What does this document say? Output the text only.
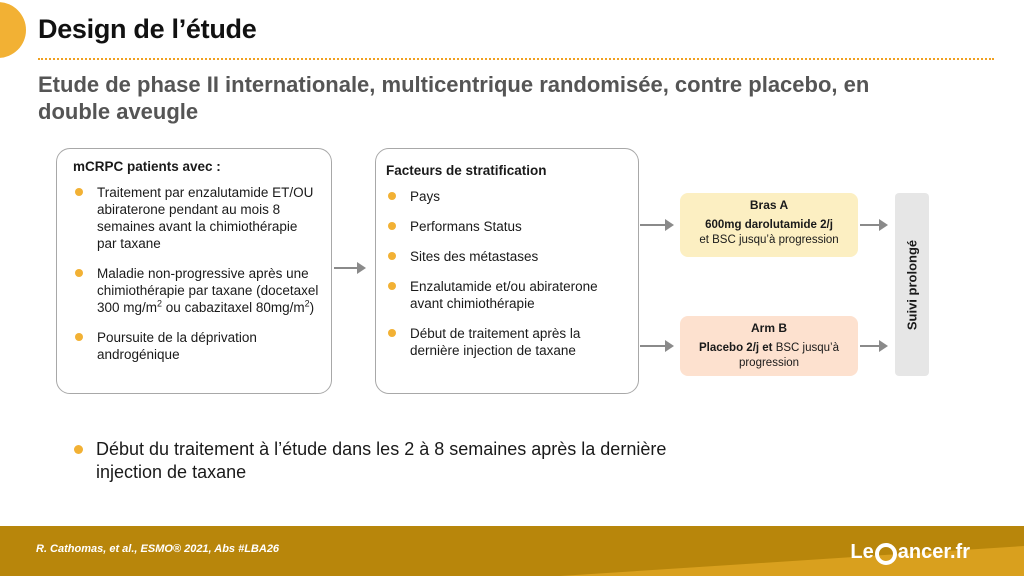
Design de l’étude
Etude de phase II internationale, multicentrique randomisée, contre placebo, en double aveugle
mCRPC patients avec :
Traitement par enzalutamide ET/OU abiraterone pendant au mois 8 semaines avant la chimiothérapie par taxane
Maladie non-progressive après une chimiothérapie par taxane (docetaxel 300 $mg/m^2$ ou cabazitaxel $80mg/m^2$)
Poursuite de la déprivation androgénique
Facteurs de stratification
Pays
Performans Status
Sites des métastases
Enzalutamide et/ou abiraterone avant chimiothérapie
Début de traitement après la dernière injection de taxane
Bras A
600mg darolutamide 2/j
et BSC jusqu’à progression
Arm B
Placebo 2/j et BSC jusqu’à progression
Suivi prolongé
Début du traitement à l’étude dans les 2 à 8 semaines après la dernière injection de taxane
R. Cathomas, et al., ESMO® 2021, Abs #LBA26	Le ancer.fr
